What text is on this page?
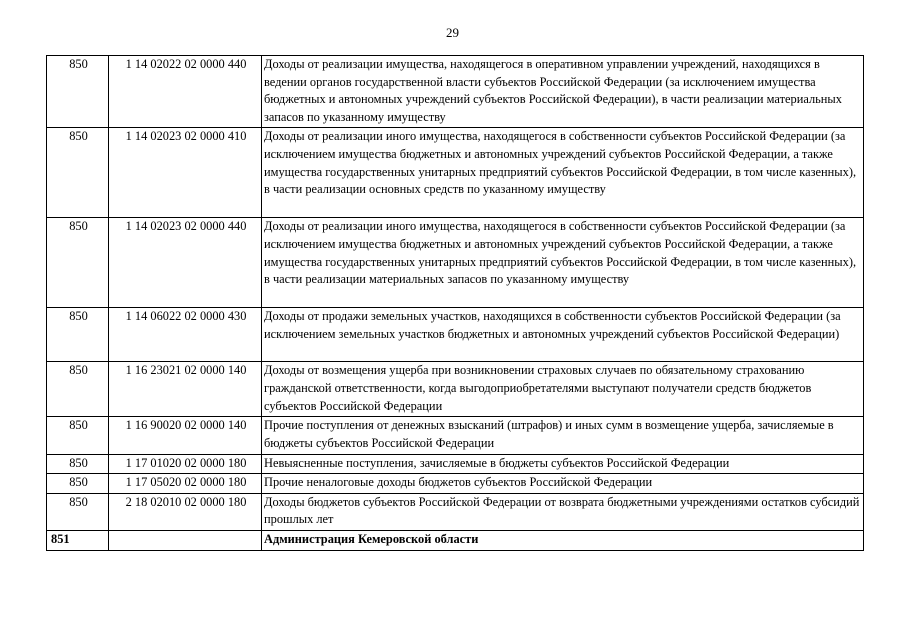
29
850	1 14 02022 02 0000 440	Доходы от реализации имущества, находящегося в оперативном управлении учреждений, находящихся в ведении органов государственной власти субъектов Российской Федерации (за исключением имущества бюджетных и автономных учреждений субъектов Российской Федерации), в части реализации материальных запасов по указанному имуществу
850	1 14 02023 02 0000 410	Доходы от реализации иного имущества, находящегося в собственности субъектов Российской Федерации (за исключением имущества бюджетных и автономных учреждений субъектов Российской Федерации, а также имущества государственных унитарных предприятий субъектов Российской Федерации, в том числе казенных), в части реализации основных средств по указанному имуществу
850	1 14 02023 02 0000 440	Доходы от реализации иного имущества, находящегося в собственности субъектов Российской Федерации (за исключением имущества бюджетных и автономных учреждений субъектов Российской Федерации, а также имущества государственных унитарных предприятий субъектов Российской Федерации, в том числе казенных), в части реализации материальных запасов по указанному имуществу
850	1 14 06022 02 0000 430	Доходы от продажи земельных участков, находящихся в собственности субъектов Российской Федерации (за исключением земельных участков бюджетных и автономных учреждений субъектов Российской Федерации)
850	1 16 23021 02 0000 140	Доходы от возмещения ущерба при возникновении страховых случаев по обязательному страхованию гражданской ответственности, когда выгодоприобретателями выступают получатели средств бюджетов субъектов Российской Федерации
850	1 16 90020 02 0000 140	Прочие поступления от денежных взысканий (штрафов) и иных сумм в возмещение ущерба, зачисляемые в бюджеты субъектов Российской Федерации
850	1 17 01020 02 0000 180	Невыясненные поступления, зачисляемые в бюджеты субъектов Российской Федерации
850	1 17 05020 02 0000 180	Прочие неналоговые доходы бюджетов субъектов Российской Федерации
850	2 18 02010 02 0000 180	Доходы бюджетов субъектов Российской Федерации от возврата бюджетными учреждениями остатков субсидий прошлых лет
851		Администрация Кемеровской области
